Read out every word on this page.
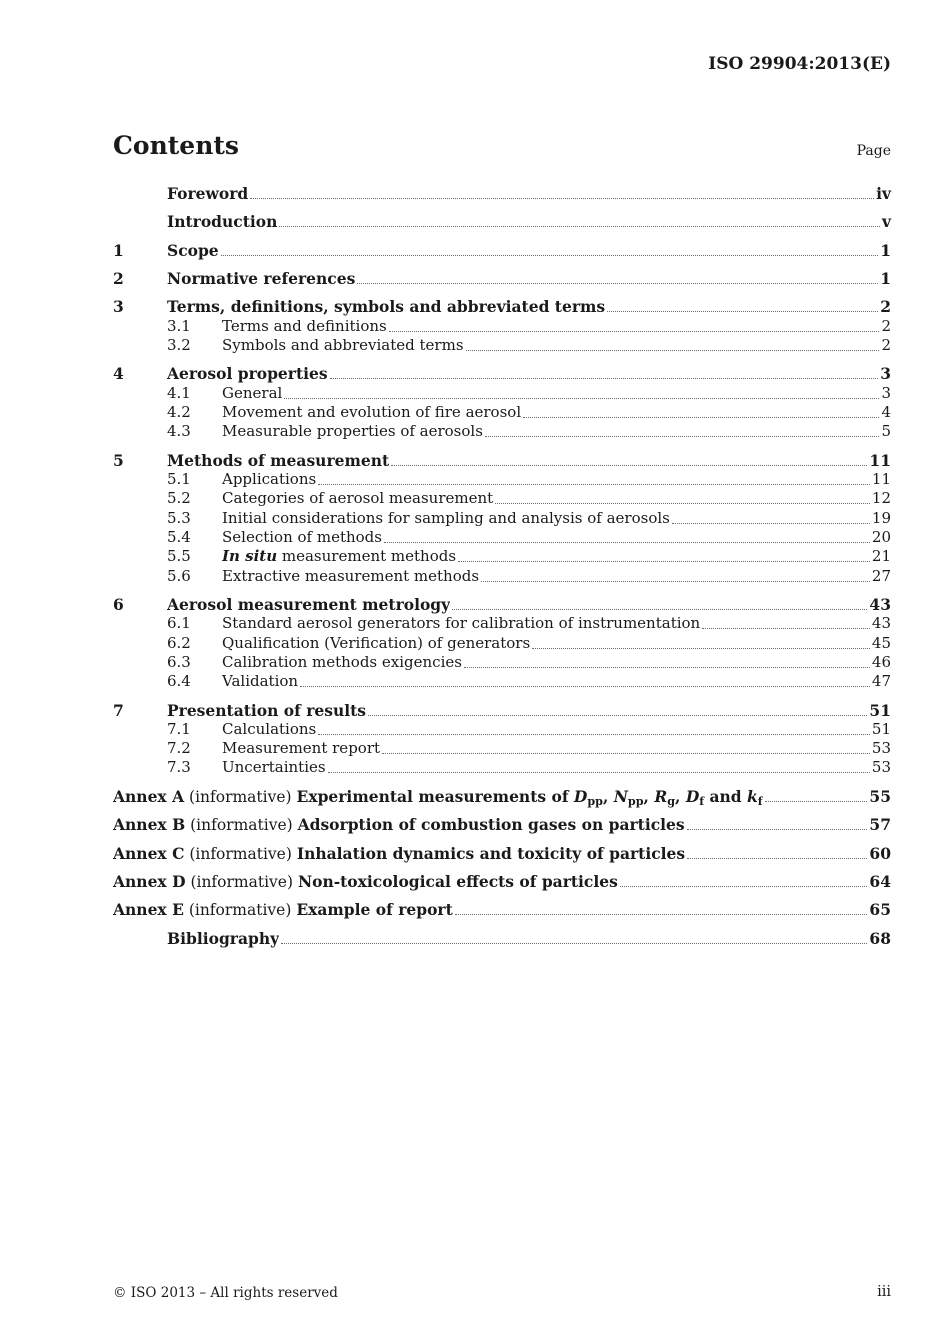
ISO 29904:2013(E)
Contents	Page
Foreword	iv
Introduction	v
1	Scope	1
2	Normative references	1
3	Terms, definitions, symbols and abbreviated terms	2
3.1 Terms and definitions	2
3.2 Symbols and abbreviated terms	2
4	Aerosol properties	3
4.1 General	3
4.2 Movement and evolution of fire aerosol	4
4.3 Measurable properties of aerosols	5
5	Methods of measurement	11
5.1 Applications	11
5.2 Categories of aerosol measurement	12
5.3 Initial considerations for sampling and analysis of aerosols	19
5.4 Selection of methods	20
5.5 In situ measurement methods	21
5.6 Extractive measurement methods	27
6	Aerosol measurement metrology	43
6.1 Standard aerosol generators for calibration of instrumentation	43
6.2 Qualification (Verification) of generators	45
6.3 Calibration methods exigencies	46
6.4 Validation	47
7	Presentation of results	51
7.1 Calculations	51
7.2 Measurement report	53
7.3 Uncertainties	53
Annex A (informative) Experimental measurements of $D_{pp}$, $N_{pp}$, $R_g$, $D_f$ and $k_f$	55
Annex B (informative) Adsorption of combustion gases on particles	57
Annex C (informative) Inhalation dynamics and toxicity of particles	60
Annex D (informative) Non-toxicological effects of particles	64
Annex E (informative) Example of report	65
Bibliography	68
© ISO 2013 – All rights reserved	iii
